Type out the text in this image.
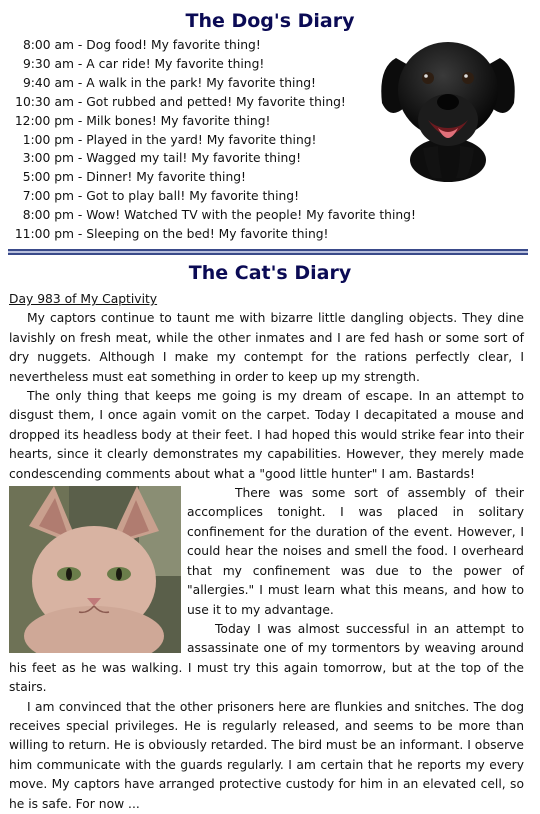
The Dog's Diary
8:00 am - Dog food! My favorite thing!
9:30 am - A car ride! My favorite thing!
9:40 am - A walk in the park! My favorite thing!
10:30 am - Got rubbed and petted! My favorite thing!
12:00 pm - Milk bones! My favorite thing!
1:00 pm - Played in the yard! My favorite thing!
3:00 pm - Wagged my tail! My favorite thing!
5:00 pm - Dinner! My favorite thing!
7:00 pm - Got to play ball! My favorite thing!
8:00 pm - Wow! Watched TV with the people! My favorite thing!
11:00 pm - Sleeping on the bed! My favorite thing!
The Cat's Diary
Day 983 of My Captivity

My captors continue to taunt me with bizarre little dangling objects. They dine lavishly on fresh meat, while the other inmates and I are fed hash or some sort of dry nuggets. Although I make my contempt for the rations perfectly clear, I nevertheless must eat something in order to keep up my strength.

The only thing that keeps me going is my dream of escape. In an attempt to disgust them, I once again vomit on the carpet. Today I decapitated a mouse and dropped its headless body at their feet. I had hoped this would strike fear into their hearts, since it clearly demonstrates my capabilities. However, they merely made condescending comments about what a "good little hunter" I am. Bastards!

There was some sort of assembly of their accomplices tonight. I was placed in solitary confinement for the duration of the event. However, I could hear the noises and smell the food. I overheard that my confinement was due to the power of "allergies." I must learn what this means, and how to use it to my advantage.

Today I was almost successful in an attempt to assassinate one of my tormentors by weaving around his feet as he was walking. I must try this again tomorrow, but at the top of the stairs.

I am convinced that the other prisoners here are flunkies and snitches. The dog receives special privileges. He is regularly released, and seems to be more than willing to return. He is obviously retarded. The bird must be an informant. I observe him communicate with the guards regularly. I am certain that he reports my every move. My captors have arranged protective custody for him in an elevated cell, so he is safe. For now ...
